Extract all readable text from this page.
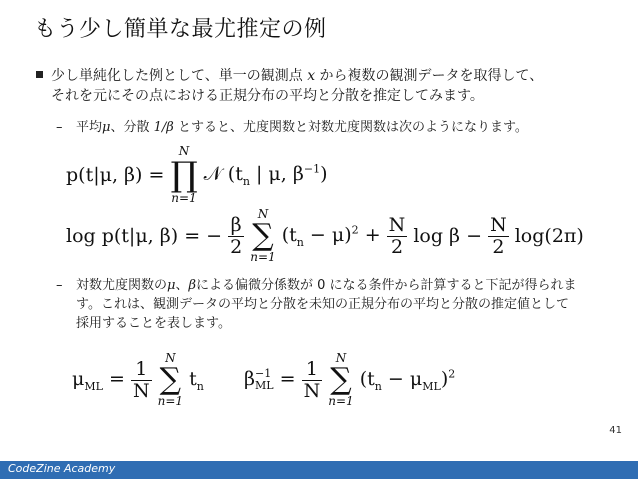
もう少し簡単な最尤推定の例
少し単純化した例として、単一の観測点 x から複数の観測データを取得して、
それを元にその点における正規分布の平均と分散を推定してみます。
–	平均μ、分散 1/β とすると、尤度関数と対数尤度関数は次のようになります。
p(t|μ, β) =
N
∏
n=1
𝒩 ($t_n$ | μ, $\beta^{-1}$)
log p(t|μ, β) = − $\frac{\beta}{2}$

N
∑
n=1
$(t_n - \mu)^2 + \frac{N}{2}$ $\log \beta - \frac{N}{2} \log(2\pi)$
–	対数尤度関数のμ、βによる偏微分係数が 0 になる条件から計算すると下記が得られま
す。これは、観測データの平均と分散を未知の正規分布の平均と分散の推定値として
採用することを表します。
$\mu_{ML} = \frac{1}{N}$

N
∑
n=1
$t_n$ β −1
ML = $\frac{1}{N}$

N
∑
n=1
$(t_n - \mu_{ML})^2$
41
CodeZine Academy
